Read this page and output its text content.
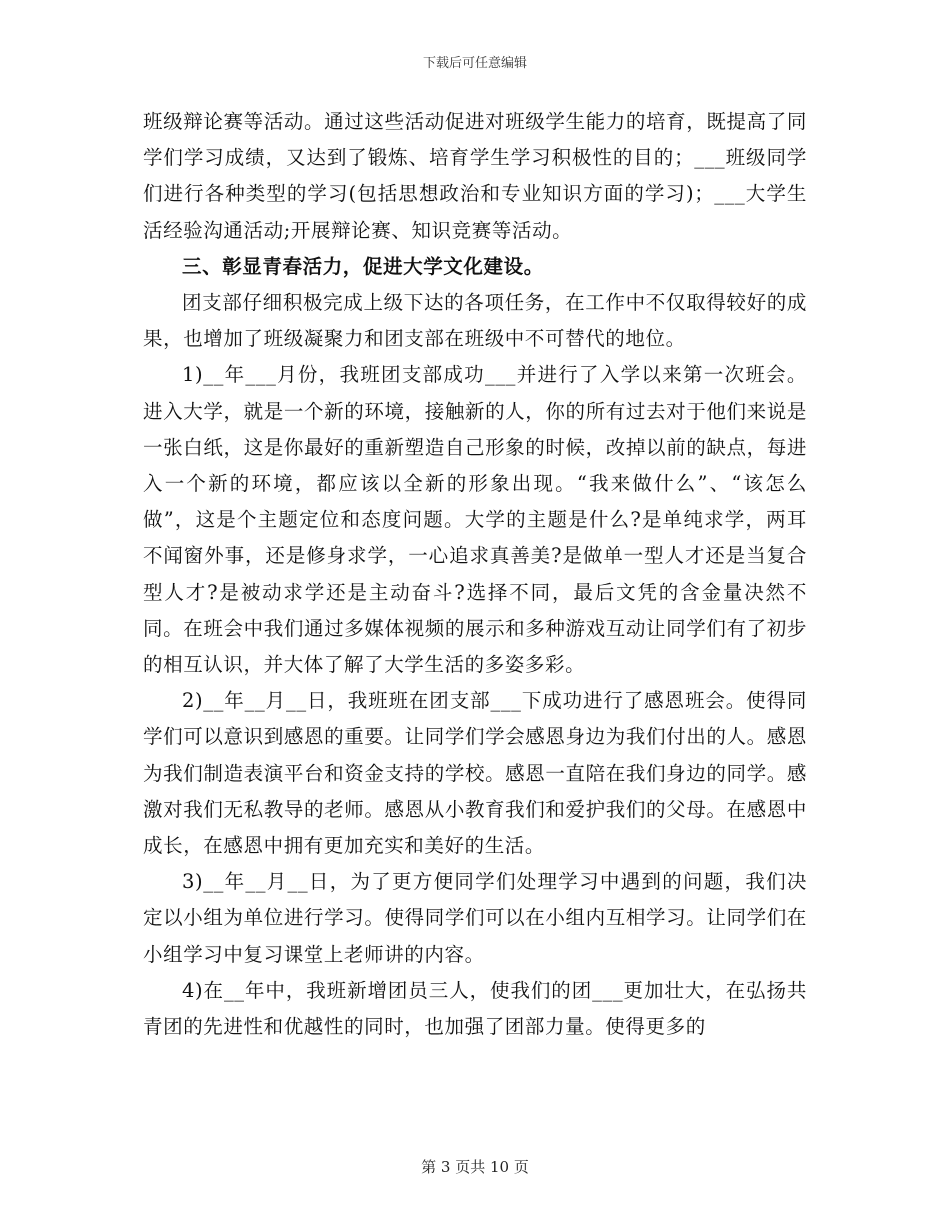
下载后可任意编辑

班级辩论赛等活动。通过这些活动促进对班级学生能力的培育，既提高了同学们学习成绩，又达到了锻炼、培育学生学习积极性的目的；___班级同学们进行各种类型的学习(包括思想政治和专业知识方面的学习)；___大学生活经验沟通活动;开展辩论赛、知识竞赛等活动。

三、彰显青春活力，促进大学文化建设。

团支部仔细积极完成上级下达的各项任务，在工作中不仅取得较好的成果，也增加了班级凝聚力和团支部在班级中不可替代的地位。

1)__年___月份，我班团支部成功___并进行了入学以来第一次班会。进入大学，就是一个新的环境，接触新的人，你的所有过去对于他们来说是一张白纸，这是你最好的重新塑造自己形象的时候，改掉以前的缺点，每进入一个新的环境，都应该以全新的形象出现。“我来做什么”、“该怎么做”，这是个主题定位和态度问题。大学的主题是什么?是单纯求学，两耳不闻窗外事，还是修身求学，一心追求真善美?是做单一型人才还是当复合型人才?是被动求学还是主动奋斗?选择不同，最后文凭的含金量决然不同。在班会中我们通过多媒体视频的展示和多种游戏互动让同学们有了初步的相互认识，并大体了解了大学生活的多姿多彩。

2)__年__月__日，我班班在团支部___下成功进行了感恩班会。使得同学们可以意识到感恩的重要。让同学们学会感恩身边为我们付出的人。感恩为我们制造表演平台和资金支持的学校。感恩一直陪在我们身边的同学。感激对我们无私教导的老师。感恩从小教育我们和爱护我们的父母。在感恩中成长，在感恩中拥有更加充实和美好的生活。

3)__年__月__日，为了更方便同学们处理学习中遇到的问题，我们决定以小组为单位进行学习。使得同学们可以在小组内互相学习。让同学们在小组学习中复习课堂上老师讲的内容。

4)在__年中，我班新增团员三人，使我们的团___更加壮大，在弘扬共青团的先进性和优越性的同时，也加强了团部力量。使得更多的

第 3 页共 10 页
